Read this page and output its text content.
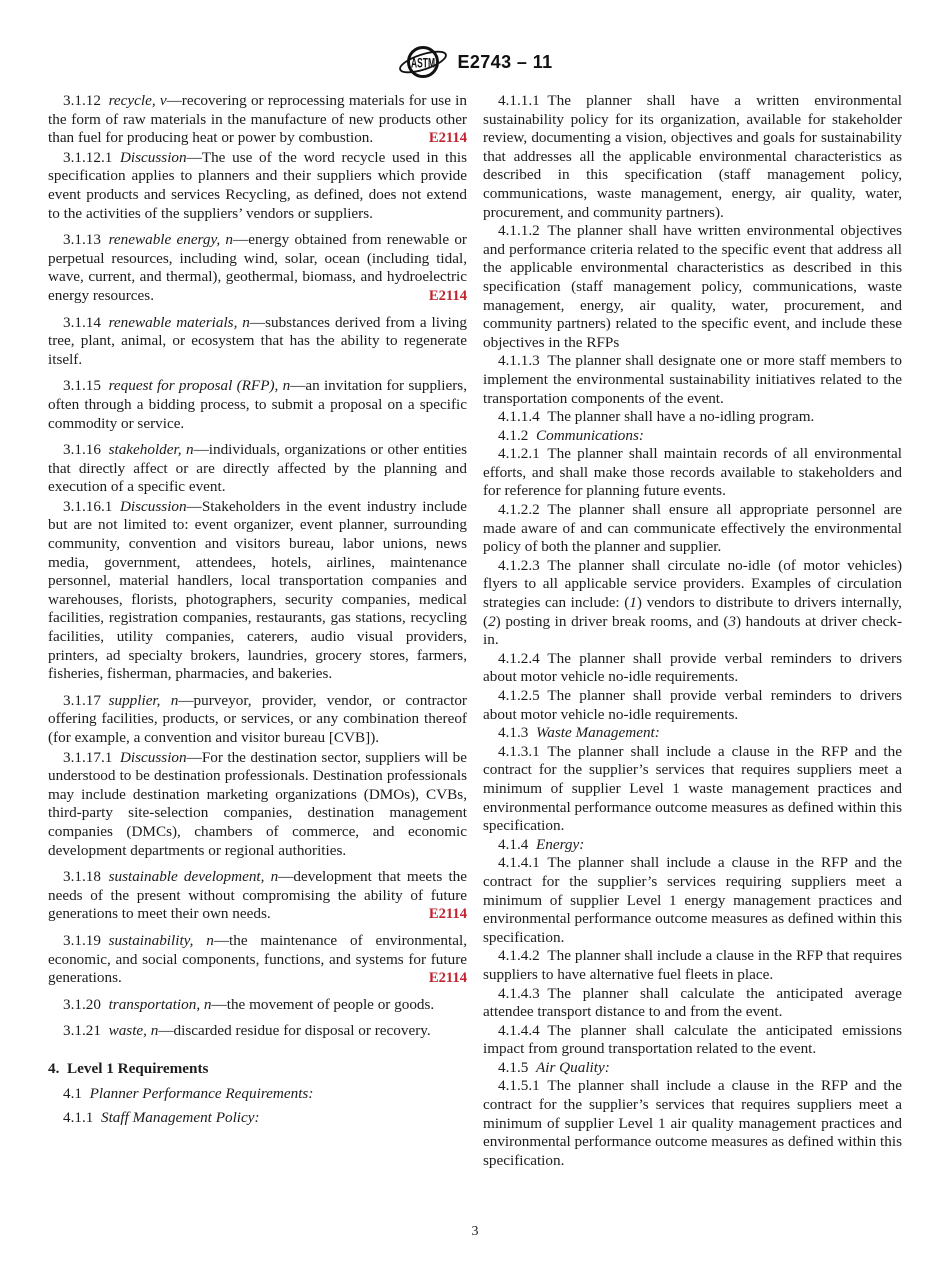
ASTM E2743 – 11

3.1.12 recycle, v—recovering or reprocessing materials for use in the form of raw materials in the manufacture of new products other than fuel for producing heat or power by combustion.	E2114

3.1.12.1 Discussion—The use of the word recycle used in this specification applies to planners and their suppliers which provide event products and services Recycling, as defined, does not extend to the activities of the suppliers’ vendors or suppliers.

3.1.13 renewable energy, n—energy obtained from renewable or perpetual resources, including wind, solar, ocean (including tidal, wave, current, and thermal), geothermal, biomass, and hydroelectric energy resources.	E2114

3.1.14 renewable materials, n—substances derived from a living tree, plant, animal, or ecosystem that has the ability to regenerate itself.

3.1.15 request for proposal (RFP), n—an invitation for suppliers, often through a bidding process, to submit a proposal on a specific commodity or service.

3.1.16 stakeholder, n—individuals, organizations or other entities that directly affect or are directly affected by the planning and execution of a specific event.

3.1.16.1 Discussion—Stakeholders in the event industry include but are not limited to: event organizer, event planner, surrounding community, convention and visitors bureau, labor unions, news media, government, attendees, hotels, airlines, maintenance personnel, material handlers, local transportation companies and warehouses, florists, photographers, security companies, medical facilities, registration companies, restaurants, gas stations, recycling facilities, utility companies, caterers, audio visual providers, printers, ad specialty brokers, laundries, grocery stores, farmers, fisheries, fisherman, pharmacies, and bakeries.

3.1.17 supplier, n—purveyor, provider, vendor, or contractor offering facilities, products, or services, or any combination thereof (for example, a convention and visitor bureau [CVB]).

3.1.17.1 Discussion—For the destination sector, suppliers will be understood to be destination professionals. Destination professionals may include destination marketing organizations (DMOs), CVBs, third-party site-selection companies, destination management companies (DMCs), chambers of commerce, and economic development departments or regional authorities.

3.1.18 sustainable development, n—development that meets the needs of the present without compromising the ability of future generations to meet their own needs.	E2114

3.1.19 sustainability, n—the maintenance of environmental, economic, and social components, functions, and systems for future generations.	E2114

3.1.20 transportation, n—the movement of people or goods.

3.1.21 waste, n—discarded residue for disposal or recovery.

4. Level 1 Requirements

4.1 Planner Performance Requirements:

4.1.1 Staff Management Policy:

4.1.1.1 The planner shall have a written environmental sustainability policy for its organization, available for stakeholder review, documenting a vision, objectives and goals for sustainability that addresses all the applicable environmental characteristics as described in this specification (staff management policy, communications, waste management, energy, air quality, water, procurement, and community partners).

4.1.1.2 The planner shall have written environmental objectives and performance criteria related to the specific event that address all the applicable environmental characteristics as described in this specification (staff management policy, communications, waste management, energy, air quality, water, procurement, and community partners) related to the specific event, and include these objectives in the RFPs

4.1.1.3 The planner shall designate one or more staff members to implement the environmental sustainability initiatives related to the transportation components of the event.

4.1.1.4 The planner shall have a no-idling program.

4.1.2 Communications:

4.1.2.1 The planner shall maintain records of all environmental efforts, and shall make those records available to stakeholders and for reference for planning future events.

4.1.2.2 The planner shall ensure all appropriate personnel are made aware of and can communicate effectively the environmental policy of both the planner and supplier.

4.1.2.3 The planner shall circulate no-idle (of motor vehicles) flyers to all applicable service providers. Examples of circulation strategies can include: (1) vendors to distribute to drivers internally, (2) posting in driver break rooms, and (3) handouts at driver check-in.

4.1.2.4 The planner shall provide verbal reminders to drivers about motor vehicle no-idle requirements.

4.1.2.5 The planner shall provide verbal reminders to drivers about motor vehicle no-idle requirements.

4.1.3 Waste Management:

4.1.3.1 The planner shall include a clause in the RFP and the contract for the supplier’s services that requires suppliers meet a minimum of supplier Level 1 waste management practices and environmental performance outcome measures as defined within this specification.

4.1.4 Energy:

4.1.4.1 The planner shall include a clause in the RFP and the contract for the supplier’s services requiring suppliers meet a minimum of supplier Level 1 energy management practices and environmental performance outcome measures as defined within this specification.

4.1.4.2 The planner shall include a clause in the RFP that requires suppliers to have alternative fuel fleets in place.

4.1.4.3 The planner shall calculate the anticipated average attendee transport distance to and from the event.

4.1.4.4 The planner shall calculate the anticipated emissions impact from ground transportation related to the event.

4.1.5 Air Quality:

4.1.5.1 The planner shall include a clause in the RFP and the contract for the supplier’s services that requires suppliers meet a minimum of supplier Level 1 air quality management practices and environmental performance outcome measures as defined within this specification.

3
